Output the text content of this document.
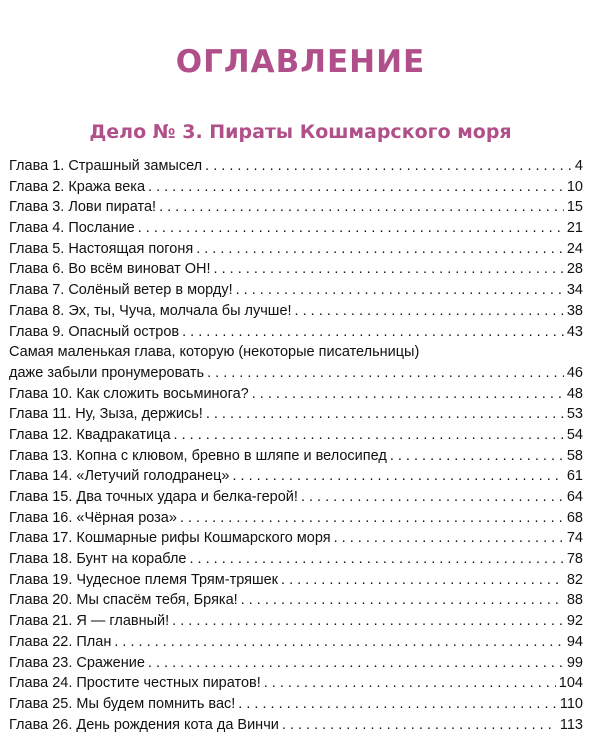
ОГЛАВЛЕНИЕ
Дело № 3. Пираты Кошмарского моря
Глава 1. Страшный замысел . . .	4
Глава 2. Кража века . . .	10
Глава 3. Лови пирата! . . .	15
Глава 4. Послание . . .	21
Глава 5. Настоящая погоня . . .	24
Глава 6. Во всём виноват ОН! . . .	28
Глава 7. Солёный ветер в морду! . . .	34
Глава 8. Эх, ты, Чуча, молчала бы лучше! . . .	38
Глава 9. Опасный остров . . .	43
Самая маленькая глава, которую (некоторые писательницы)
даже забыли пронумеровать . . .	46
Глава 10. Как сложить восьминога? . . .	48
Глава 11. Ну, Зыза, держись! . . .	53
Глава 12. Квадракатица . . .	54
Глава 13. Копна с клювом, бревно в шляпе и велосипед . . .	58
Глава 14. «Летучий голодранец» . . .	61
Глава 15. Два точных удара и белка-герой! . . .	64
Глава 16. «Чёрная роза» . . .	68
Глава 17. Кошмарные рифы Кошмарского моря . . .	74
Глава 18. Бунт на корабле . . .	78
Глава 19. Чудесное племя Трям-тряшек . . .	82
Глава 20. Мы спасём тебя, Бряка! . . .	88
Глава 21. Я — главный! . . .	92
Глава 22. План . . .	94
Глава 23. Сражение . . .	99
Глава 24. Простите честных пиратов! . . .	104
Глава 25. Мы будем помнить вас! . . .	110
Глава 26. День рождения кота да Винчи . . .	113
